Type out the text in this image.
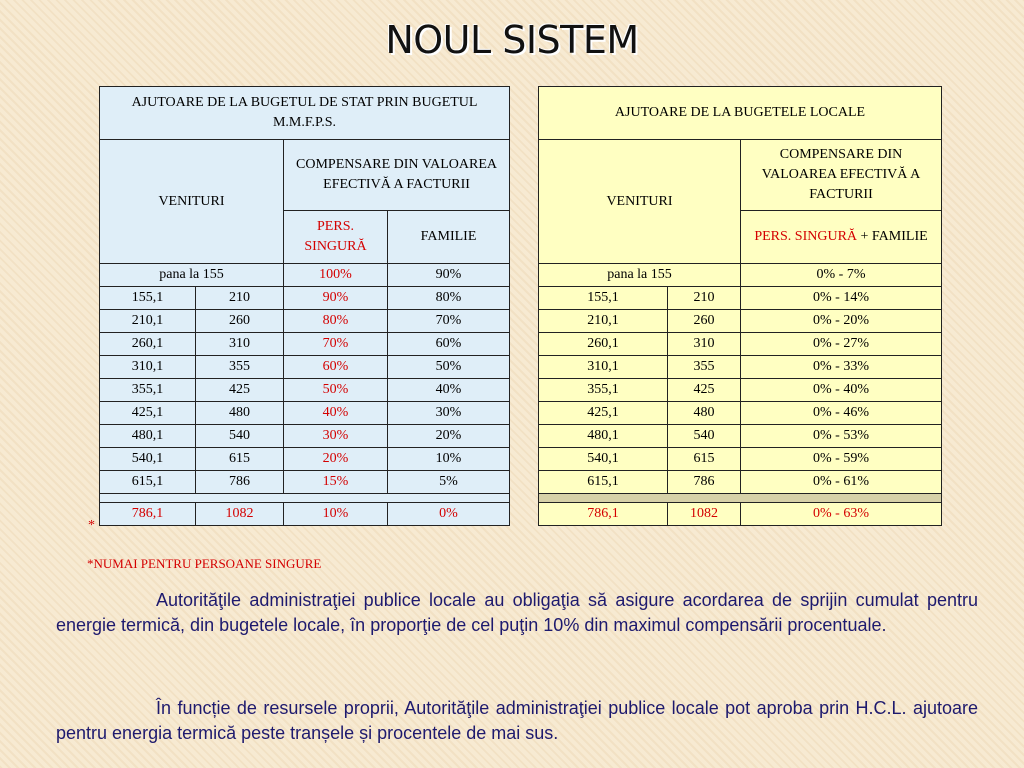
NOUL SISTEM
AJUTOARE DE LA BUGETUL DE STAT PRIN BUGETUL M.M.F.P.S.			
VENITURI		COMPENSARE DIN VALOAREA EFECTIVĂ A FACTURII	
		PERS. SINGURĂ	FAMILIE
pana la 155		100%	90%
155,1	210	90%	80%
210,1	260	80%	70%
260,1	310	70%	60%
310,1	355	60%	50%
355,1	425	50%	40%
425,1	480	40%	30%
480,1	540	30%	20%
540,1	615	20%	10%
615,1	786	15%	5%

786,1	1082	10%	0%
AJUTOARE DE LA BUGETELE LOCALE		
VENITURI		COMPENSARE DIN VALOAREA EFECTIVĂ A FACTURII
		PERS. SINGURĂ + FAMILIE
pana la 155		0% - 7%
155,1	210	0% - 14%
210,1	260	0% - 20%
260,1	310	0% - 27%
310,1	355	0% - 33%
355,1	425	0% - 40%
425,1	480	0% - 46%
480,1	540	0% - 53%
540,1	615	0% - 59%
615,1	786	0% - 61%

786,1	1082	0% - 63%
*
*NUMAI PENTRU PERSOANE SINGURE

Autorităţile administraţiei publice locale au obligaţia să asigure acordarea de sprijin cumulat pentru energie termică, din bugetele locale, în proporţie de cel puţin 10% din maximul compensării procentuale.

În funcție de resursele proprii, Autorităţile administraţiei publice locale pot aproba prin H.C.L. ajutoare pentru energia termică peste tranșele și procentele de mai sus.
